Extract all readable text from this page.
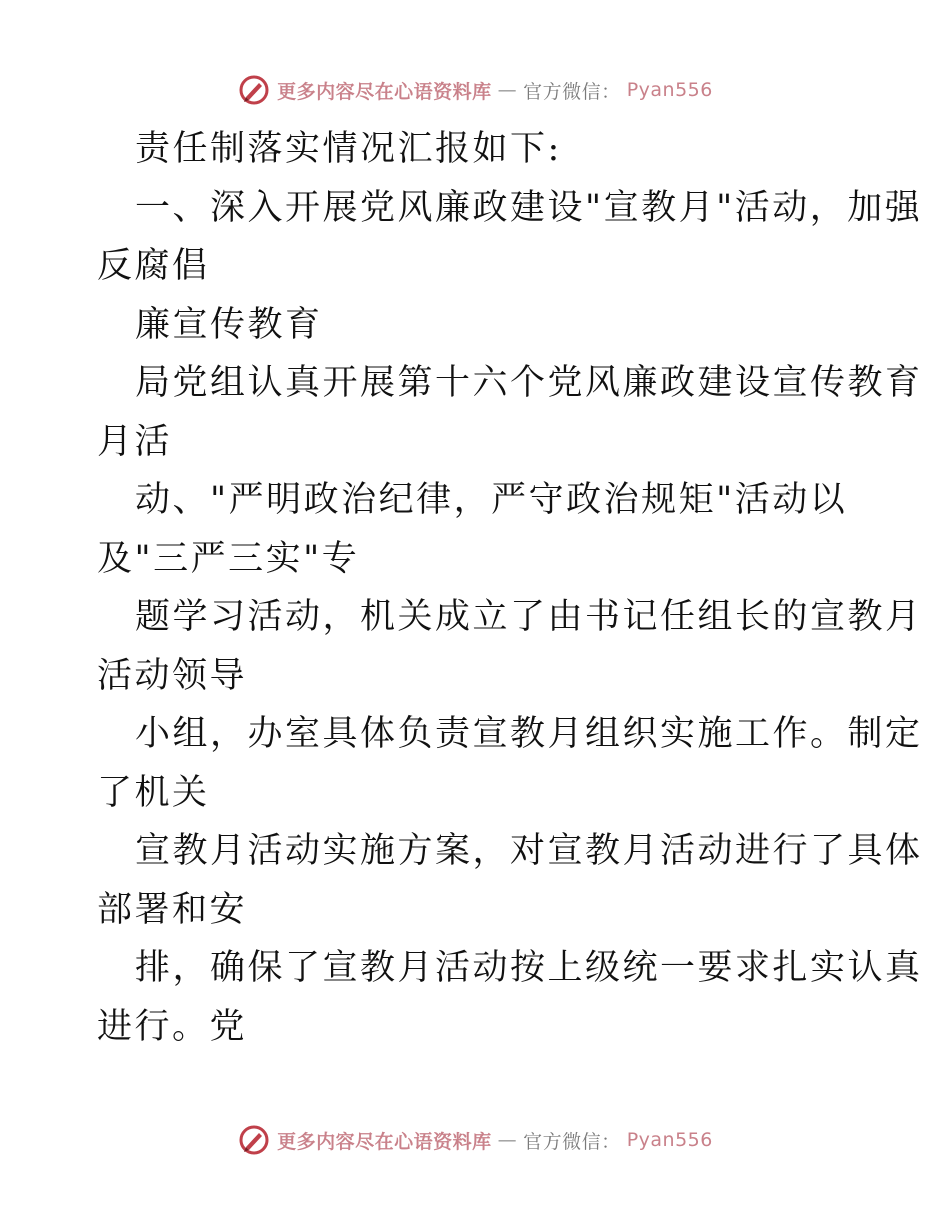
更多内容尽在心语资料库 — 官方微信： Pyan556
责任制落实情况汇报如下:
一、深入开展党风廉政建设"宣教月"活动，加强
反腐倡
廉宣传教育
局党组认真开展第十六个党风廉政建设宣传教育
月活
动、"严明政治纪律，严守政治规矩"活动以
及"三严三实"专
题学习活动，机关成立了由书记任组长的宣教月
活动领导
小组，办室具体负责宣教月组织实施工作。制定
了机关
宣教月活动实施方案，对宣教月活动进行了具体
部署和安
排，确保了宣教月活动按上级统一要求扎实认真
进行。党
更多内容尽在心语资料库 — 官方微信： Pyan556
